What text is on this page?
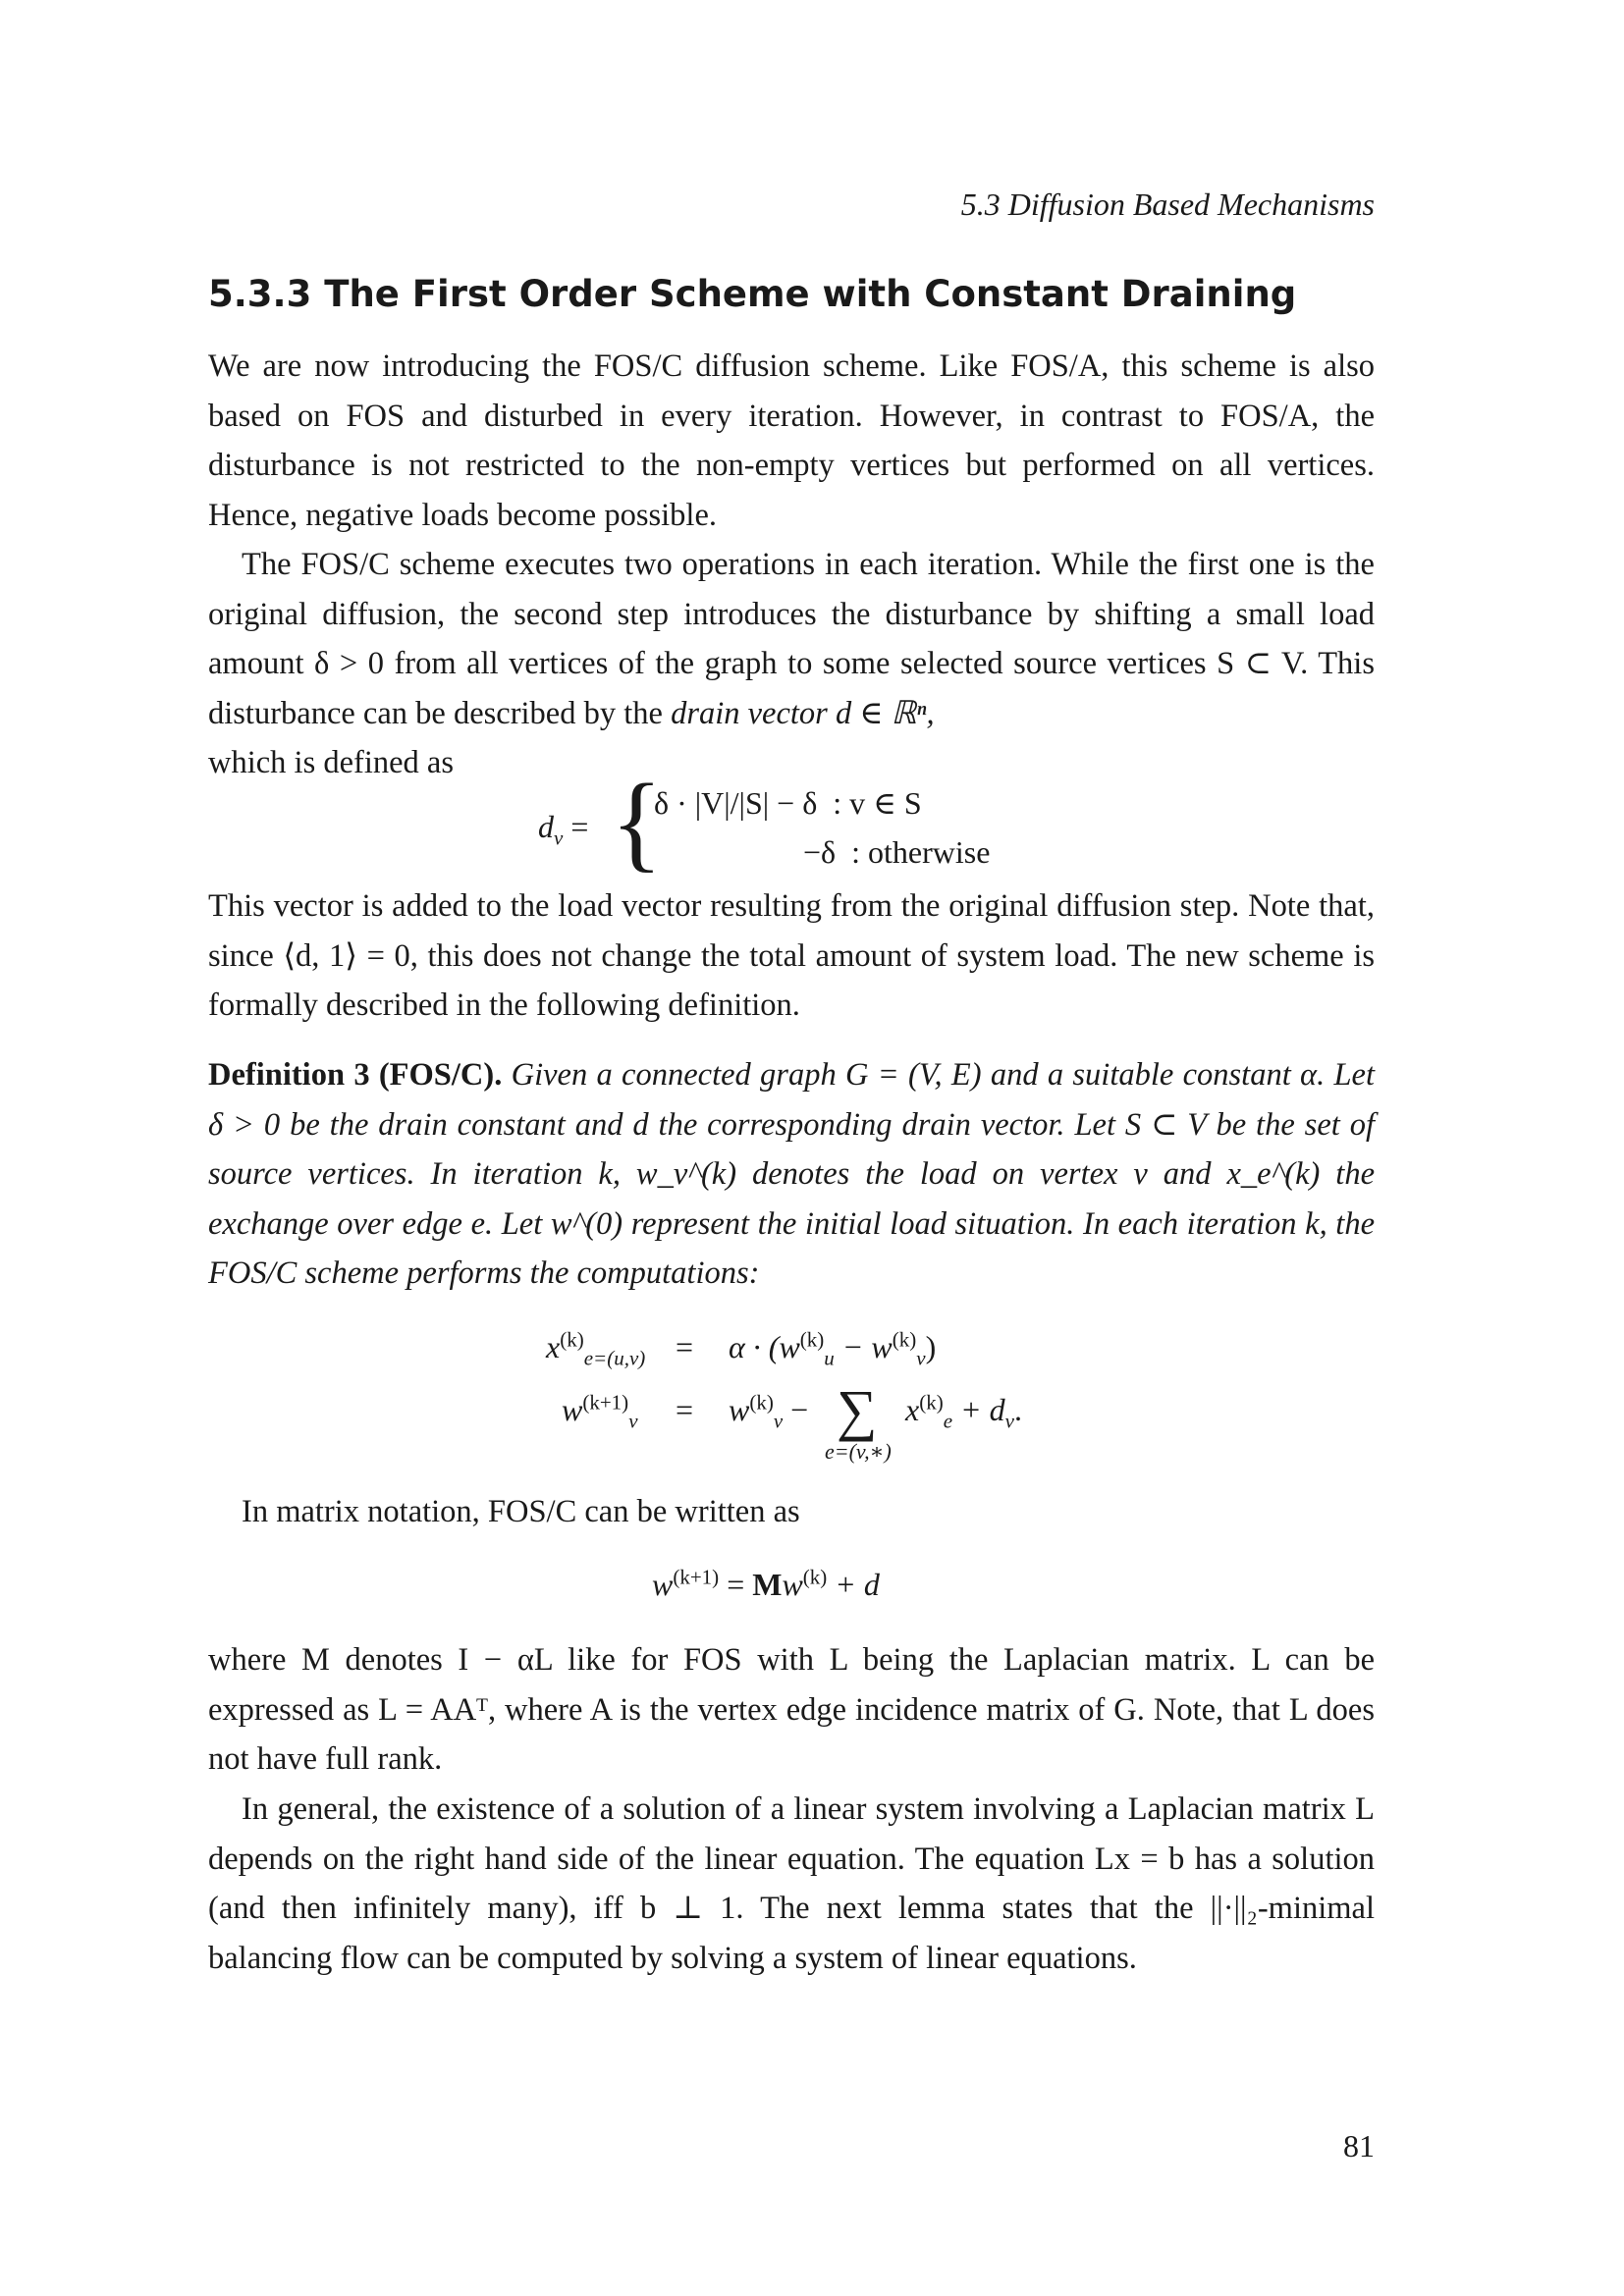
5.3 Diffusion Based Mechanisms
5.3.3 The First Order Scheme with Constant Draining

We are now introducing the FOS/C diffusion scheme. Like FOS/A, this scheme is also based on FOS and disturbed in every iteration. However, in contrast to FOS/A, the disturbance is not restricted to the non-empty vertices but performed on all vertices. Hence, negative loads become possible.

The FOS/C scheme executes two operations in each iteration. While the first one is the original diffusion, the second step introduces the disturbance by shifting a small load amount δ > 0 from all vertices of the graph to some selected source vertices S ⊂ V. This disturbance can be described by the drain vector d ∈ ℝⁿ,
which is defined as

$d_v$ = {
δ · |V|/|S| − δ : v ∈ S
−δ : otherwise

This vector is added to the load vector resulting from the original diffusion step. Note that, since ⟨d, 1⟩ = 0, this does not change the total amount of system load. The new scheme is formally described in the following definition.

Definition 3 (FOS/C). Given a connected graph G = (V, E) and a suitable constant α. Let δ > 0 be the drain constant and d the corresponding drain vector. Let S ⊂ V be the set of source vertices. In iteration k, w_v^(k) denotes the load on vertex v and x_e^(k) the exchange over edge e. Let w^(0) represent the initial load situation. In each iteration k, the FOS/C scheme performs the computations:

$x^{(k)}_{e=(u,v)} = \alpha \cdot (w^{(k)}_u - w^{(k)}_v)$
$w^{(k+1)}_v = w^{(k)}_v$ − ∑
e=(v,∗)
$x^{(k)}_e + d_v$.

In matrix notation, FOS/C can be written as

$w^{(k+1)} = Mw^{(k)} + d$

where M denotes I − αL like for FOS with L being the Laplacian matrix. L can be expressed as L = AAᵀ, where A is the vertex edge incidence matrix of G. Note, that L does not have full rank.

In general, the existence of a solution of a linear system involving a Laplacian matrix L depends on the right hand side of the linear equation. The equation Lx = b has a solution (and then infinitely many), iff b ⊥ 1. The next lemma states that the ||·||₂-minimal balancing flow can be computed by solving a system of linear equations.

81
